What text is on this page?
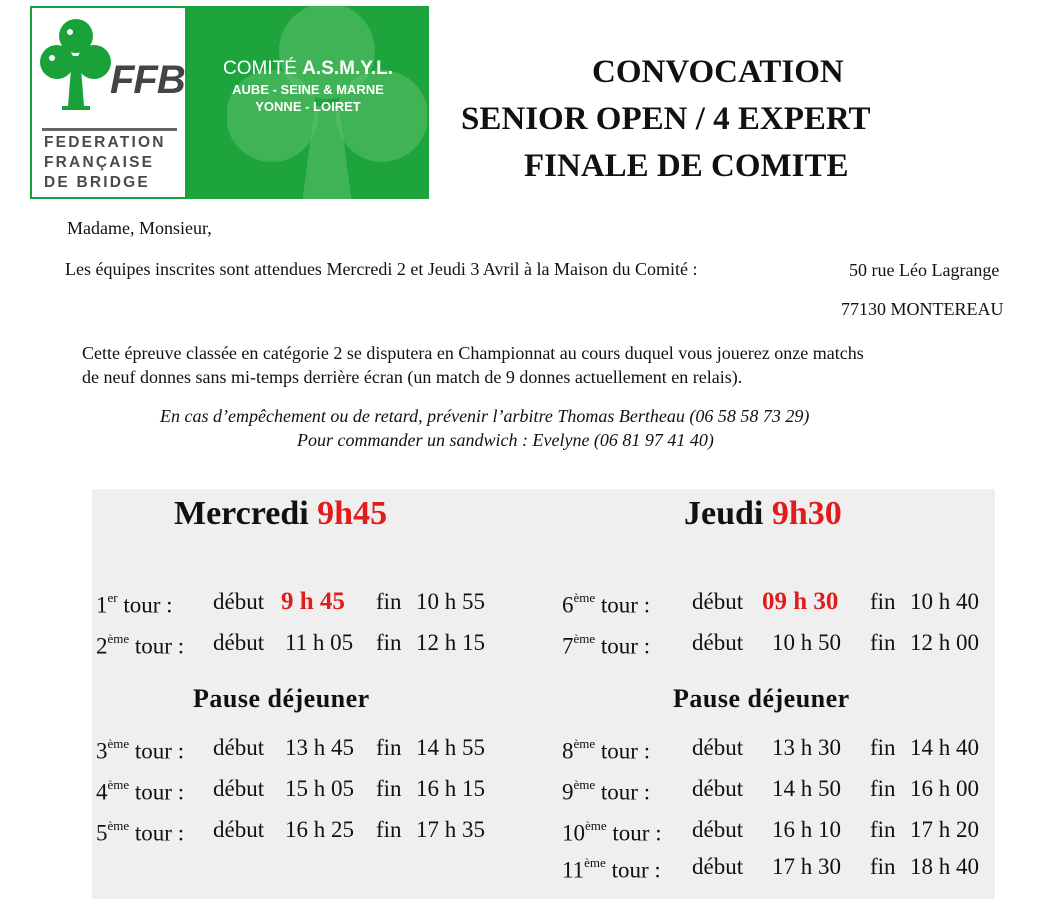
FFB
FEDERATION
FRANÇAISE
DE BRIDGE
COMITÉ A.S.M.Y.L.
AUBE - SEINE & MARNE
YONNE - LOIRET
CONVOCATION
SENIOR OPEN / 4 EXPERT
FINALE DE COMITE
Madame, Monsieur,
Les équipes inscrites sont attendues Mercredi 2 et Jeudi 3 Avril à la Maison du Comité :	50 rue Léo Lagrange
77130 MONTEREAU
Cette épreuve classée en catégorie 2 se disputera en Championnat au cours duquel vous jouerez onze matchs
de neuf donnes sans mi-temps derrière écran (un match de 9 donnes actuellement en relais).
En cas d’empêchement ou de retard, prévenir l’arbitre Thomas Bertheau (06 58 58 73 29)
Pour commander un sandwich : Evelyne (06 81 97 41 40)
Mercredi 9h45	Jeudi 9h30
Pause déjeuner	Pause déjeuner
1er tour : début 9 h 45 fin 10 h 55
2ème tour : début 11 h 05 fin 12 h 15
3ème tour : début 13 h 45 fin 14 h 55
4ème tour : début 15 h 05 fin 16 h 15
5ème tour : début 16 h 25 fin 17 h 35
6ème tour : début 09 h 30 fin 10 h 40
7ème tour : début 10 h 50 fin 12 h 00
8ème tour : début 13 h 30 fin 14 h 40
9ème tour : début 14 h 50 fin 16 h 00
10ème tour : début 16 h 10 fin 17 h 20
11ème tour : début 17 h 30 fin 18 h 40
